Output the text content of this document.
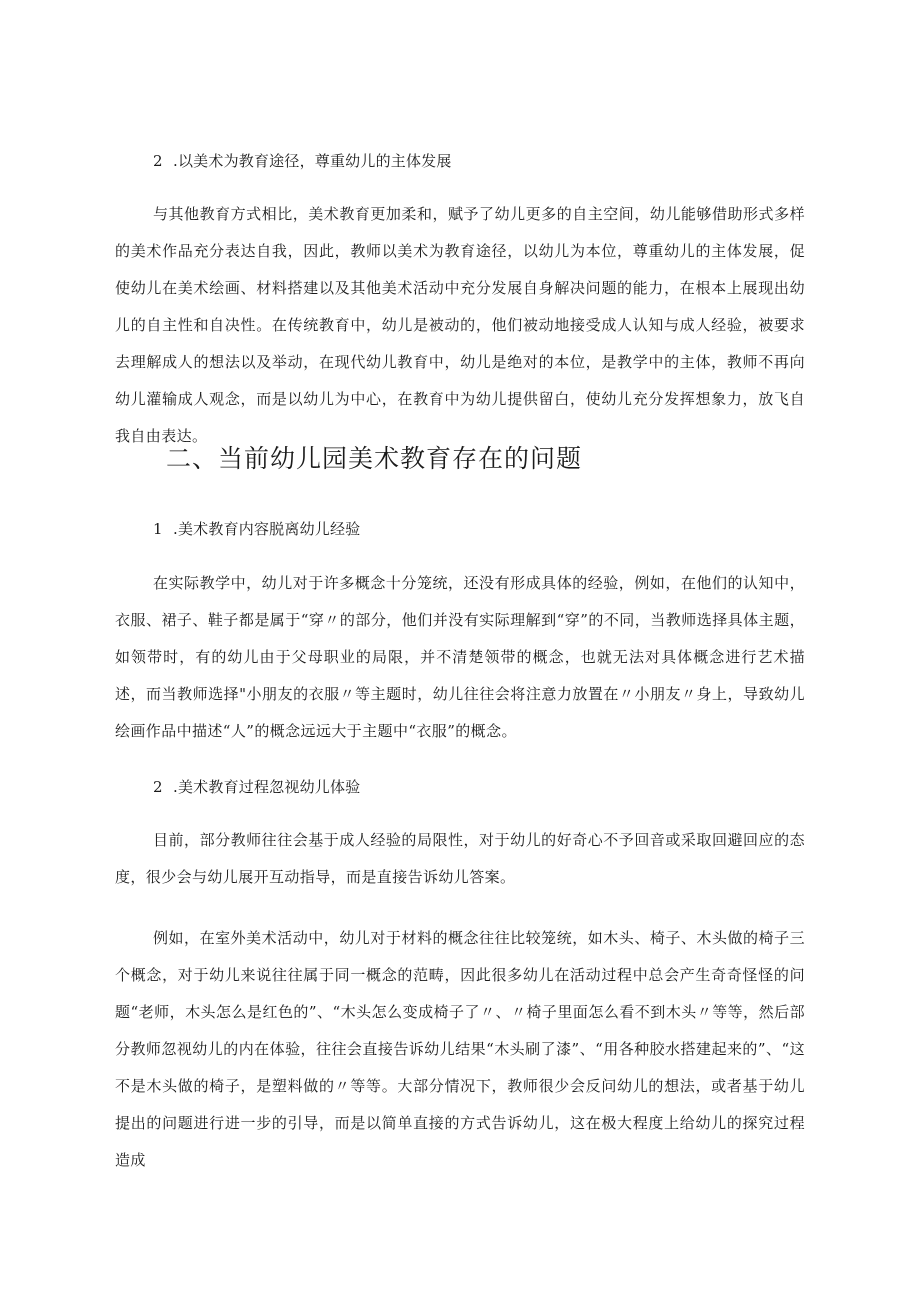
2 .以美术为教育途径，尊重幼儿的主体发展

与其他教育方式相比，美术教育更加柔和，赋予了幼儿更多的自主空间，幼儿能够借助形式多样的美术作品充分表达自我，因此，教师以美术为教育途径，以幼儿为本位，尊重幼儿的主体发展，促使幼儿在美术绘画、材料搭建以及其他美术活动中充分发展自身解决问题的能力，在根本上展现出幼儿的自主性和自决性。在传统教育中，幼儿是被动的，他们被动地接受成人认知与成人经验，被要求去理解成人的想法以及举动，在现代幼儿教育中，幼儿是绝对的本位，是教学中的主体，教师不再向幼儿灌输成人观念，而是以幼儿为中心，在教育中为幼儿提供留白，使幼儿充分发挥想象力，放飞自我自由表达。

二、当前幼儿园美术教育存在的问题
1 .美术教育内容脱离幼儿经验

在实际教学中，幼儿对于许多概念十分笼统，还没有形成具体的经验，例如，在他们的认知中，衣服、裙子、鞋子都是属于“穿〃的部分，他们并没有实际理解到“穿”的不同，当教师选择具体主题，如领带时，有的幼儿由于父母职业的局限，并不清楚领带的概念，也就无法对具体概念进行艺术描述，而当教师选择"小朋友的衣服〃等主题时，幼儿往往会将注意力放置在〃小朋友〃身上，导致幼儿绘画作品中描述“人”的概念远远大于主题中“衣服”的概念。

2 .美术教育过程忽视幼儿体验

目前，部分教师往往会基于成人经验的局限性，对于幼儿的好奇心不予回音或采取回避回应的态度，很少会与幼儿展开互动指导，而是直接告诉幼儿答案。

例如，在室外美术活动中，幼儿对于材料的概念往往比较笼统，如木头、椅子、木头做的椅子三个概念，对于幼儿来说往往属于同一概念的范畴，因此很多幼儿在活动过程中总会产生奇奇怪怪的问题“老师，木头怎么是红色的”、“木头怎么变成椅子了〃、〃椅子里面怎么看不到木头〃等等，然后部分教师忽视幼儿的内在体验，往往会直接告诉幼儿结果“木头刷了漆”、“用各种胶水搭建起来的”、“这不是木头做的椅子，是塑料做的〃等等。大部分情况下，教师很少会反问幼儿的想法，或者基于幼儿提出的问题进行进一步的引导，而是以简单直接的方式告诉幼儿，这在极大程度上给幼儿的探究过程造成
